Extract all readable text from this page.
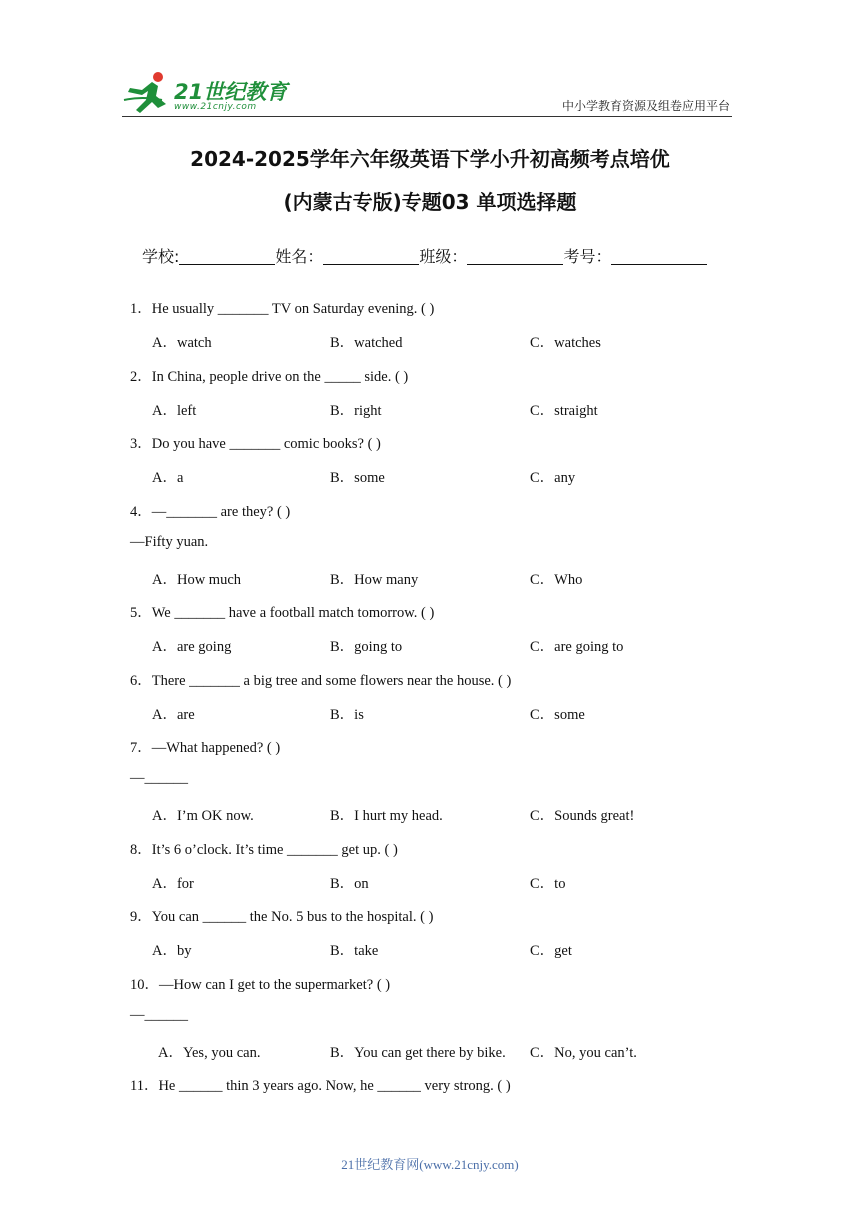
21世纪教育
www.21cnjy.com	中小学教育资源及组卷应用平台
2024-2025学年六年级英语下学小升初高频考点培优
(内蒙古专版)专题03 单项选择题
学校:	姓名：	班级：	考号：
1．He usually _______ TV on Saturday evening. ( )
A．watch	B．watched	C．watches
2．In China, people drive on the _____ side. ( )
A．left	B．right	C．straight
3．Do you have _______ comic books? ( )
A．a	B．some	C．any
4．—_______ are they? ( )
—Fifty yuan.
A．How much	B．How many	C．Who
5．We _______ have a football match tomorrow. ( )
A．are going	B．going to	C．are going to
6．There _______ a big tree and some flowers near the house. ( )
A．are	B．is	C．some
7．—What happened? ( )
—______
A．I’m OK now.	B．I hurt my head.	C．Sounds great!
8．It’s 6 o’clock. It’s time _______ get up. ( )
A．for	B．on	C．to
9．You can ______ the No. 5 bus to the hospital. ( )
A．by	B．take	C．get
10．—How can I get to the supermarket? ( )
—______
A．Yes, you can.	B．You can get there by bike. C．No, you can’t.
11．He ______ thin 3 years ago. Now, he ______ very strong. ( )
21世纪教育网(www.21cnjy.com)
